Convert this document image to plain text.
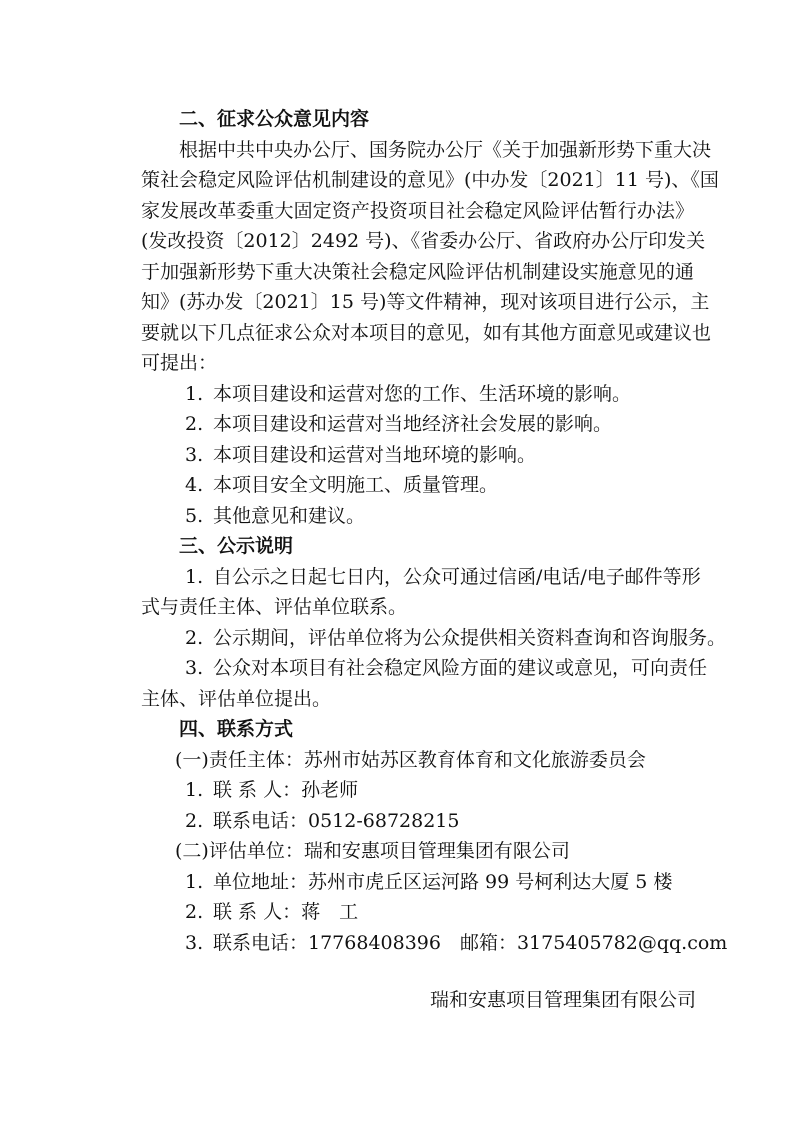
二、征求公众意见内容
根据中共中央办公厅、国务院办公厅《关于加强新形势下重大决
策社会稳定风险评估机制建设的意见》(中办发〔2021〕11 号)、《国
家发展改革委重大固定资产投资项目社会稳定风险评估暂行办法》
(发改投资〔2012〕2492 号)、《省委办公厅、省政府办公厅印发关
于加强新形势下重大决策社会稳定风险评估机制建设实施意见的通
知》(苏办发〔2021〕15 号)等文件精神，现对该项目进行公示，主
要就以下几点征求公众对本项目的意见，如有其他方面意见或建议也
可提出：
1. 本项目建设和运营对您的工作、生活环境的影响。
2. 本项目建设和运营对当地经济社会发展的影响。
3. 本项目建设和运营对当地环境的影响。
4. 本项目安全文明施工、质量管理。
5. 其他意见和建议。
三、公示说明
1. 自公示之日起七日内，公众可通过信函/电话/电子邮件等形
式与责任主体、评估单位联系。
2. 公示期间，评估单位将为公众提供相关资料查询和咨询服务。
3. 公众对本项目有社会稳定风险方面的建议或意见，可向责任
主体、评估单位提出。
四、联系方式
(一)责任主体：苏州市姑苏区教育体育和文化旅游委员会
1. 联 系 人：孙老师
2. 联系电话：0512-68728215
(二)评估单位：瑞和安惠项目管理集团有限公司
1. 单位地址：苏州市虎丘区运河路 99 号柯利达大厦 5 楼
2. 联 系 人：蒋　工
3. 联系电话：17768408396　邮箱：3175405782@qq.com
瑞和安惠项目管理集团有限公司
